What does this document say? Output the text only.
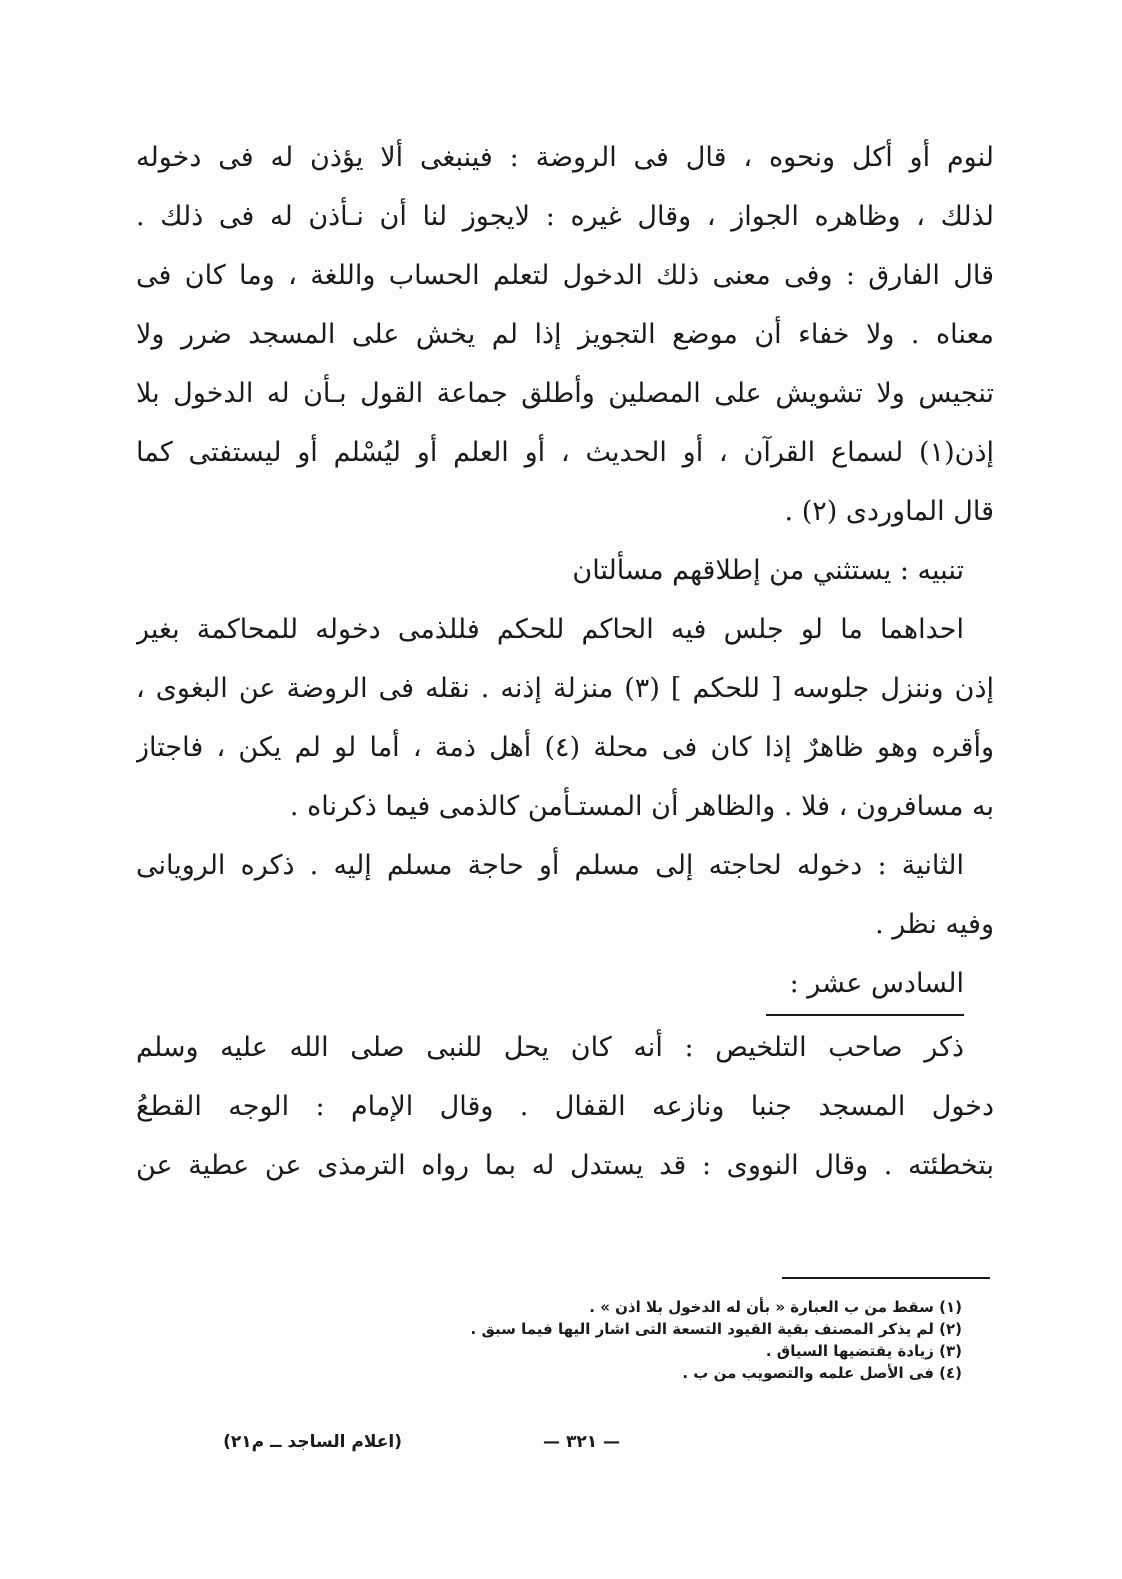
لنوم أو أكل ونحوه ، قال فى الروضة : فينبغى ألا يؤذن له فى دخوله
لذلك ، وظاهره الجواز ، وقال غيره : لايجوز لنا أن نـأذن له فى ذلك .
قال الفارق : وفى معنى ذلك الدخول لتعلم الحساب واللغة ، وما كان فى
معناه . ولا خفاء أن موضع التجويز إذا لم يخش على المسجد ضرر ولا
تنجيس ولا تشويش على المصلين وأطلق جماعة القول بـأن له الدخول بلا
إذن(١) لسماع القرآن ، أو الحديث ، أو العلم أو ليُسْلم أو ليستفتى كما
قال الماوردى (٢) .
تنبيه : يستثني من إطلاقهم مسألتان
احداهما ما لو جلس فيه الحاكم للحكم فللذمى دخوله للمحاكمة بغير
إذن وننزل جلوسه [ للحكم ] (٣) منزلة إذنه . نقله فى الروضة عن البغوى ،
وأقره وهو ظاهرٌ إذا كان فى محلة (٤) أهل ذمة ، أما لو لم يكن ، فاجتاز
به مسافرون ، فلا . والظاهر أن المستـأمن كالذمى فيما ذكرناه .
الثانية : دخوله لحاجته إلى مسلم أو حاجة مسلم إليه . ذكره الرويانى
وفيه نظر .
السادس عشر :
ذكر صاحب التلخيص : أنه كان يحل للنبى صلى الله عليه وسلم
دخول المسجد جنبا ونازعه القفال . وقال الإمام : الوجه القطعُ
بتخطئته . وقال النووى : قد يستدل له بما رواه الترمذى عن عطية عن
(١) سقط من ب العبارة « بأن له الدخول بلا اذن » .
(٢) لم يذكر المصنف بقية القيود التسعة التى اشار اليها فيما سبق .
(٣) زيادة يقتضيها السياق .
(٤) فى الأصل علمه والتصويب من ب .
— ٣٢١ —
(اعلام الساجد ــ م٢١)
